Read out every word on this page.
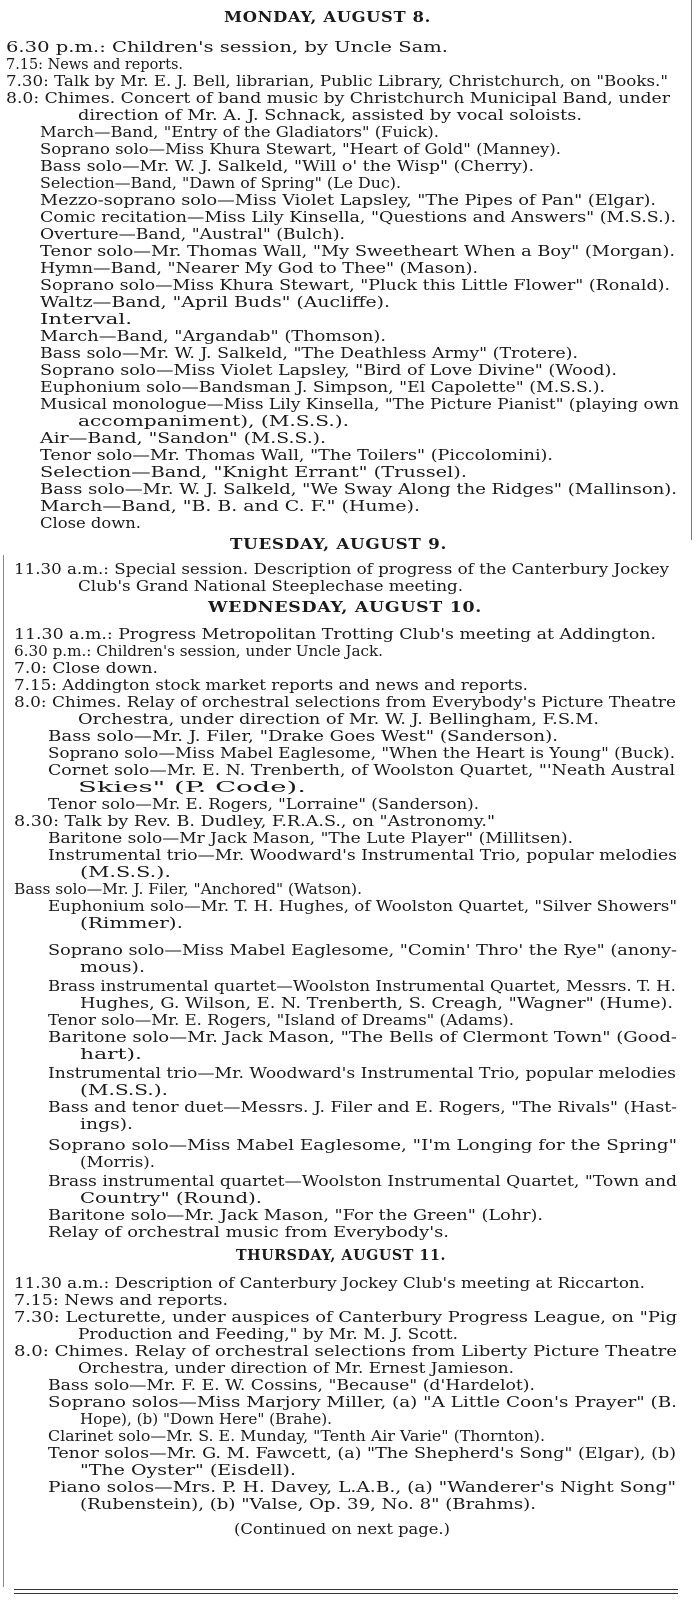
MONDAY, AUGUST 8.
6.30 p.m.: Children's session, by Uncle Sam.
7.15: News and reports.
7.30: Talk by Mr. E. J. Bell, librarian, Public Library, Christchurch, on "Books."
8.0: Chimes. Concert of band music by Christchurch Municipal Band, under
direction of Mr. A. J. Schnack, assisted by vocal soloists.
March—Band, "Entry of the Gladiators" (Fuick).
Soprano solo—Miss Khura Stewart, "Heart of Gold" (Manney).
Bass solo—Mr. W. J. Salkeld, "Will o' the Wisp" (Cherry).
Selection—Band, "Dawn of Spring" (Le Duc).
Mezzo-soprano solo—Miss Violet Lapsley, "The Pipes of Pan" (Elgar).
Comic recitation—Miss Lily Kinsella, "Questions and Answers" (M.S.S.).
Overture—Band, "Austral" (Bulch).
Tenor solo—Mr. Thomas Wall, "My Sweetheart When a Boy" (Morgan).
Hymn—Band, "Nearer My God to Thee" (Mason).
Soprano solo—Miss Khura Stewart, "Pluck this Little Flower" (Ronald).
Waltz—Band, "April Buds" (Aucliffe).
Interval.
March—Band, "Argandab" (Thomson).
Bass solo—Mr. W. J. Salkeld, "The Deathless Army" (Trotere).
Soprano solo—Miss Violet Lapsley, "Bird of Love Divine" (Wood).
Euphonium solo—Bandsman J. Simpson, "El Capolette" (M.S.S.).
Musical monologue—Miss Lily Kinsella, "The Picture Pianist" (playing own
accompaniment), (M.S.S.).
Air—Band, "Sandon" (M.S.S.).
Tenor solo—Mr. Thomas Wall, "The Toilers" (Piccolomini).
Selection—Band, "Knight Errant" (Trussel).
Bass solo—Mr. W. J. Salkeld, "We Sway Along the Ridges" (Mallinson).
March—Band, "B. B. and C. F." (Hume).
Close down.
TUESDAY, AUGUST 9.
11.30 a.m.: Special session. Description of progress of the Canterbury Jockey
Club's Grand National Steeplechase meeting.
WEDNESDAY, AUGUST 10.
11.30 a.m.: Progress Metropolitan Trotting Club's meeting at Addington.
6.30 p.m.: Children's session, under Uncle Jack.
7.0: Close down.
7.15: Addington stock market reports and news and reports.
8.0: Chimes. Relay of orchestral selections from Everybody's Picture Theatre
Orchestra, under direction of Mr. W. J. Bellingham, F.S.M.
Bass solo—Mr. J. Filer, "Drake Goes West" (Sanderson).
Soprano solo—Miss Mabel Eaglesome, "When the Heart is Young" (Buck).
Cornet solo—Mr. E. N. Trenberth, of Woolston Quartet, "'Neath Austral
Skies" (P. Code).
Tenor solo—Mr. E. Rogers, "Lorraine" (Sanderson).
8.30: Talk by Rev. B. Dudley, F.R.A.S., on "Astronomy."
Baritone solo—Mr Jack Mason, "The Lute Player" (Millitsen).
Instrumental trio—Mr. Woodward's Instrumental Trio, popular melodies
(M.S.S.).
Bass solo—Mr. J. Filer, "Anchored" (Watson).
Euphonium solo—Mr. T. H. Hughes, of Woolston Quartet, "Silver Showers"
(Rimmer).
Soprano solo—Miss Mabel Eaglesome, "Comin' Thro' the Rye" (anony-
mous).
Brass instrumental quartet—Woolston Instrumental Quartet, Messrs. T. H.
Hughes, G. Wilson, E. N. Trenberth, S. Creagh, "Wagner" (Hume).
Tenor solo—Mr. E. Rogers, "Island of Dreams" (Adams).
Baritone solo—Mr. Jack Mason, "The Bells of Clermont Town" (Good-
hart).
Instrumental trio—Mr. Woodward's Instrumental Trio, popular melodies
(M.S.S.).
Bass and tenor duet—Messrs. J. Filer and E. Rogers, "The Rivals" (Hast-
ings).
Soprano solo—Miss Mabel Eaglesome, "I'm Longing for the Spring"
(Morris).
Brass instrumental quartet—Woolston Instrumental Quartet, "Town and
Country" (Round).
Baritone solo—Mr. Jack Mason, "For the Green" (Lohr).
Relay of orchestral music from Everybody's.
THURSDAY, AUGUST 11.
11.30 a.m.: Description of Canterbury Jockey Club's meeting at Riccarton.
7.15: News and reports.
7.30: Lecturette, under auspices of Canterbury Progress League, on "Pig
Production and Feeding," by Mr. M. J. Scott.
8.0: Chimes. Relay of orchestral selections from Liberty Picture Theatre
Orchestra, under direction of Mr. Ernest Jamieson.
Bass solo—Mr. F. E. W. Cossins, "Because" (d'Hardelot).
Soprano solos—Miss Marjory Miller, (a) "A Little Coon's Prayer" (B.
Hope), (b) "Down Here" (Brahe).
Clarinet solo—Mr. S. E. Munday, "Tenth Air Varie" (Thornton).
Tenor solos—Mr. G. M. Fawcett, (a) "The Shepherd's Song" (Elgar), (b)
"The Oyster" (Eisdell).
Piano solos—Mrs. P. H. Davey, L.A.B., (a) "Wanderer's Night Song"
(Rubenstein), (b) "Valse, Op. 39, No. 8" (Brahms).
(Continued on next page.)
